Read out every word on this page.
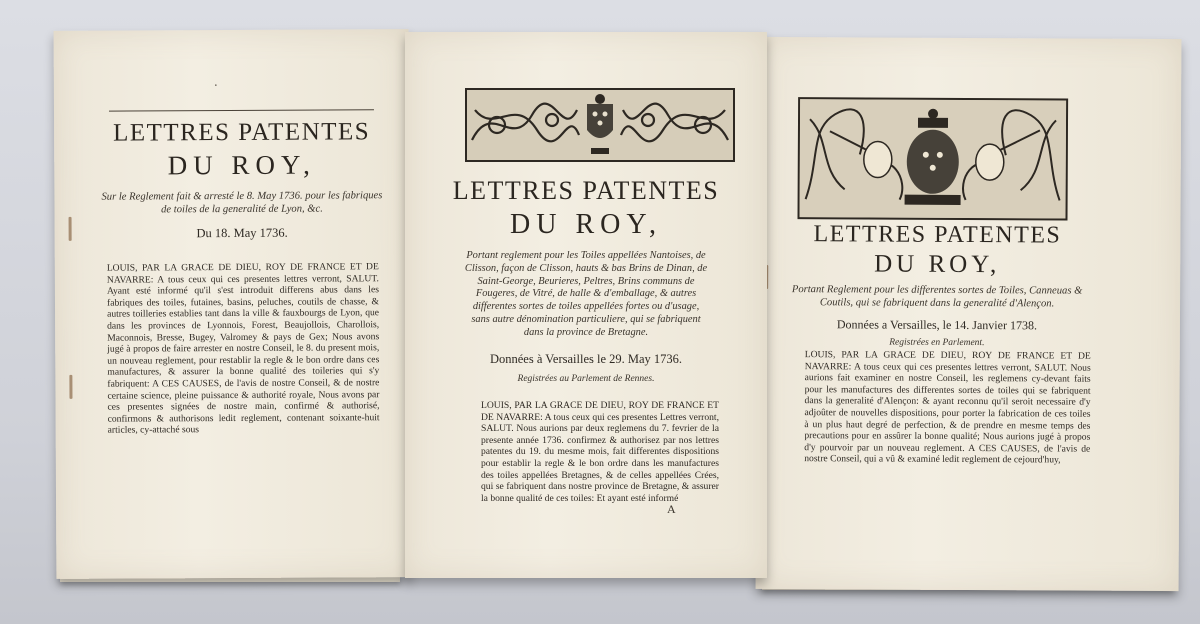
·
LETTRES PATENTES
DU ROY,
Sur le Reglement fait & arresté le 8. May 1736. pour les fabriques de toiles de la generalité de Lyon, &c.
Du 18. May 1736.
LOUIS, PAR LA GRACE DE DIEU, ROY DE FRANCE ET DE NAVARRE: A tous ceux qui ces presentes lettres verront, SALUT. Ayant esté informé qu'il s'est introduit differens abus dans les fabriques des toiles, futaines, basins, peluches, coutils de chasse, & autres toilleries establies tant dans la ville & fauxbourgs de Lyon, que dans les provinces de Lyonnois, Forest, Beaujollois, Charollois, Maconnois, Bresse, Bugey, Valromey & pays de Gex; Nous avons jugé à propos de faire arrester en nostre Conseil, le 8. du present mois, un nouveau reglement, pour restablir la regle & le bon ordre dans ces manufactures, & assurer la bonne qualité des toileries qui s'y fabriquent: A CES CAUSES, de l'avis de nostre Conseil, & de nostre certaine science, pleine puissance & authorité royale, Nous avons par ces presentes signées de nostre main, confirmé & authorisé, confirmons & authorisons ledit reglement, contenant soixante-huit articles, cy-attaché sous
LETTRES PATENTES
DU ROY,
Portant reglement pour les Toiles appellées Nantoises, de Clisson, façon de Clisson, hauts & bas Brins de Dinan, de Saint-George, Beurieres, Peltres, Brins communs de Fougeres, de Vitré, de halle & d'emballage, & autres differentes sortes de toiles appellées fortes ou d'usage, sans autre dénomination particuliere, qui se fabriquent dans la province de Bretagne.
Données à Versailles le 29. May 1736.
Registrées au Parlement de Rennes.
LOUIS, PAR LA GRACE DE DIEU, ROY DE FRANCE ET DE NAVARRE: A tous ceux qui ces presentes Lettres verront, SALUT. Nous aurions par deux reglemens du 7. fevrier de la presente année 1736. confirmez & authorisez par nos lettres patentes du 19. du mesme mois, fait differentes dispositions pour establir la regle & le bon ordre dans les manufactures des toiles appellées Bretagnes, & de celles appellées Crées, qui se fabriquent dans nostre province de Bretagne, & assurer la bonne qualité de ces toiles: Et ayant esté informé
A
LETTRES PATENTES
DU ROY,
Portant Reglement pour les differentes sortes de Toiles, Canneuas & Coutils, qui se fabriquent dans la generalité d'Alençon.
Données a Versailles, le 14. Janvier 1738.
Registrées en Parlement.
LOUIS, PAR LA GRACE DE DIEU, ROY DE FRANCE ET DE NAVARRE: A tous ceux qui ces presentes lettres verront, SALUT. Nous aurions fait examiner en nostre Conseil, les reglemens cy-devant faits pour les manufactures des differentes sortes de toiles qui se fabriquent dans la generalité d'Alençon: & ayant reconnu qu'il seroit necessaire d'y adjoûter de nouvelles dispositions, pour porter la fabrication de ces toiles à un plus haut degré de perfection, & de prendre en mesme temps des precautions pour en assûrer la bonne qualité; Nous aurions jugé à propos d'y pourvoir par un nouveau reglement. A CES CAUSES, de l'avis de nostre Conseil, qui a vû & examiné ledit reglement de cejourd'huy,
